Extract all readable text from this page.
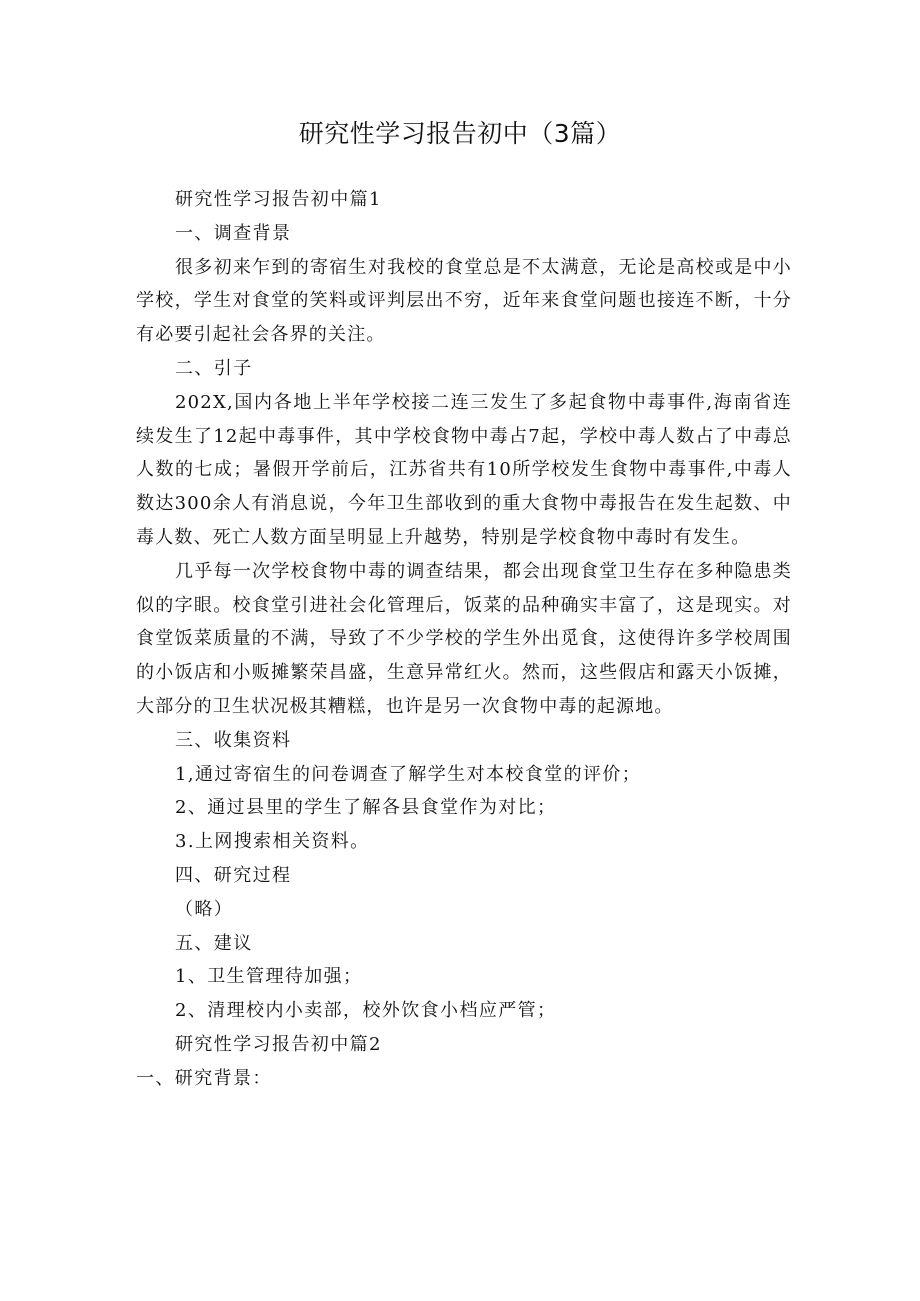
研究性学习报告初中（3篇）
研究性学习报告初中篇1
一、调查背景

很多初来乍到的寄宿生对我校的食堂总是不太满意，无论是高校或是中小学校，学生对食堂的笑料或评判层出不穷，近年来食堂问题也接连不断，十分有必要引起社会各界的关注。

二、引子

202X,国内各地上半年学校接二连三发生了多起食物中毒事件,海南省连续发生了12起中毒事件，其中学校食物中毒占7起，学校中毒人数占了中毒总人数的七成；暑假开学前后，江苏省共有10所学校发生食物中毒事件,中毒人数达300余人有消息说，今年卫生部收到的重大食物中毒报告在发生起数、中毒人数、死亡人数方面呈明显上升越势，特别是学校食物中毒时有发生。

几乎每一次学校食物中毒的调查结果，都会出现食堂卫生存在多种隐患类似的字眼。校食堂引进社会化管理后，饭菜的品种确实丰富了，这是现实。对食堂饭菜质量的不满，导致了不少学校的学生外出觅食，这使得许多学校周围的小饭店和小贩摊繁荣昌盛，生意异常红火。然而，这些假店和露天小饭摊，大部分的卫生状况极其糟糕，也许是另一次食物中毒的起源地。

三、收集资料
1,通过寄宿生的问卷调查了解学生对本校食堂的评价；
2、通过县里的学生了解各县食堂作为对比；
3.上网搜索相关资料。
四、研究过程
（略）
五、建议
1、卫生管理待加强；
2、清理校内小卖部，校外饮食小档应严管；
研究性学习报告初中篇2
一、研究背景：
